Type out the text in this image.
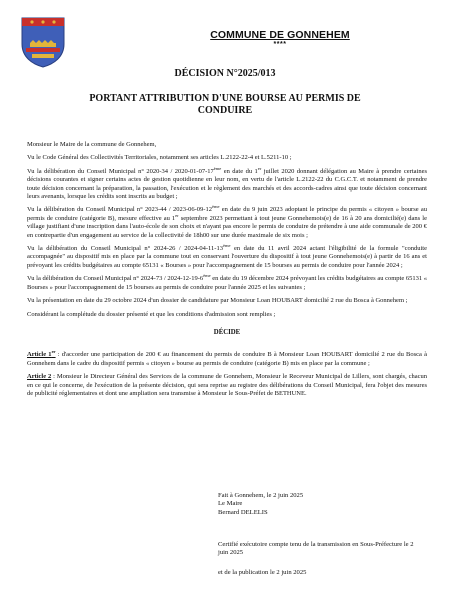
COMMUNE DE GONNEHEM
****
DÉCISION N°2025/013
PORTANT ATTRIBUTION D'UNE BOURSE AU PERMIS DE CONDUIRE

Monsieur le Maire de la commune de Gonnehem,

Vu le Code Général des Collectivités Territoriales, notamment ses articles L.2122-22-4 et L.5211-10 ;

Vu la délibération du Conseil Municipal n° 2020-34 / 2020-01-07-17ème en date du 1er juillet 2020 donnant délégation au Maire à prendre certaines décisions courantes et signer certains actes de gestion quotidienne en leur nom, en vertu de l'article L.2122-22 du C.G.C.T. et notamment de prendre toute décision concernant la préparation, la passation, l'exécution et le règlement des marchés et des accords-cadres ainsi que toute décision concernant leurs avenants, lorsque les crédits sont inscrits au budget ;

Vu la délibération du Conseil Municipal n° 2023-44 / 2023-06-09-12ème en date du 9 juin 2023 adoptant le principe du permis « citoyen » bourse au permis de conduire (catégorie B), mesure effective au 1er septembre 2023 permettant à tout jeune Gonnehemois(e) de 16 à 20 ans domicilié(e) dans le village justifiant d'une inscription dans l'auto-école de son choix et n'ayant pas encore le permis de conduire de prétendre à une aide communale de 200 € en contrepartie d'un engagement au service de la collectivité de 18h00 sur une durée maximale de six mois ;

Vu la délibération du Conseil Municipal n° 2024-26 / 2024-04-11-13ème en date du 11 avril 2024 actant l'éligibilité de la formule "conduite accompagnée" au dispositif mis en place par la commune tout en conservant l'ouverture du dispositif à tout jeune Gonnehemois(e) à partir de 16 ans et prévoyant les crédits budgétaires au compte 65131 « Bourses » pour l'accompagnement de 15 bourses au permis de conduire pour l'année 2024 ;

Vu la délibération du Conseil Municipal n° 2024-73 / 2024-12-19-6ème en date du 19 décembre 2024 prévoyant les crédits budgétaires au compte 65131 « Bourses » pour l'accompagnement de 15 bourses au permis de conduire pour l'année 2025 et les suivantes ;

Vu la présentation en date du 29 octobre 2024 d'un dossier de candidature par Monsieur Loan HOUBART domicilié 2 rue du Bosca à Gonnehem ;

Considérant la complétude du dossier présenté et que les conditions d'admission sont remplies ;

DÉCIDE

Article 1er : d'accorder une participation de 200 € au financement du permis de conduire B à Monsieur Loan HOUBART domicilié 2 rue du Bosca à Gonnehem dans le cadre du dispositif permis « citoyen » bourse au permis de conduire (catégorie B) mis en place par la commune ;

Article 2 : Monsieur le Directeur Général des Services de la commune de Gonnehem, Monsieur le Receveur Municipal de Lillers, sont chargés, chacun en ce qui le concerne, de l'exécution de la présente décision, qui sera reprise au registre des délibérations du Conseil Municipal, fera l'objet des mesures de publicité réglementaires et dont une ampliation sera transmise à Monsieur le Sous-Préfet de BETHUNE.

Fait à Gonnehem, le 2 juin 2025
Le Maire
Bernard DELELIS
Certifié exécutoire compte tenu de la transmission en Sous-Préfecture le 2 juin 2025
et de la publication le 2 juin 2025
